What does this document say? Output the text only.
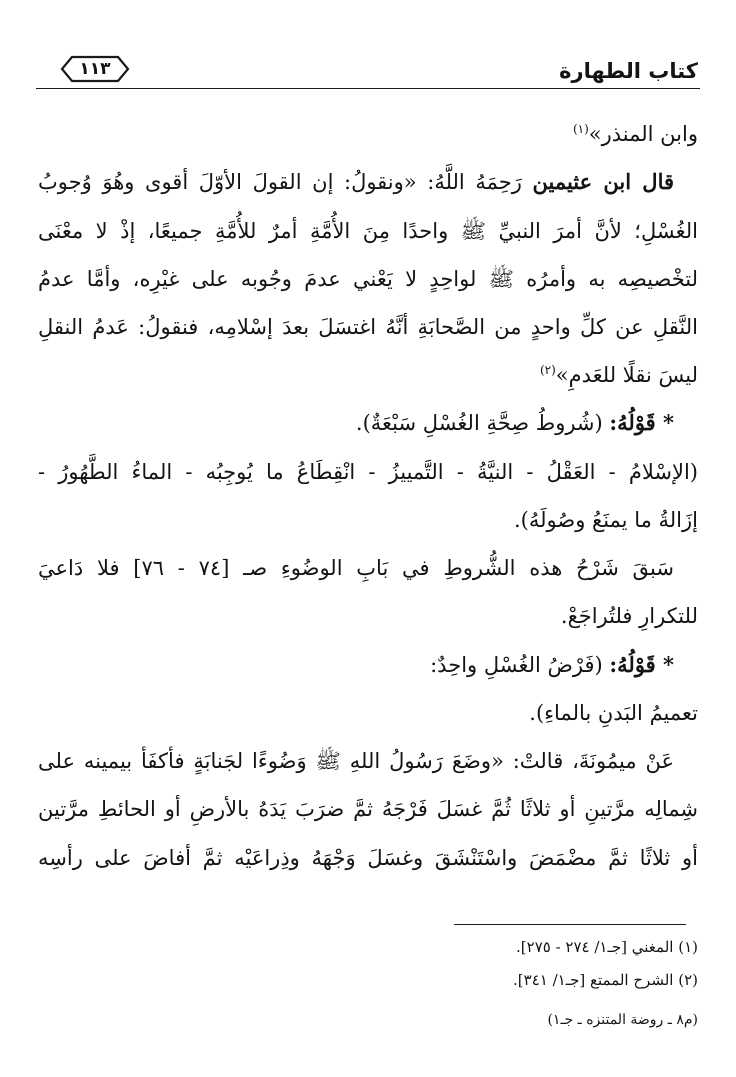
كتاب الطهارة
١١٣
وابن المنذر»$^{(١)}$
قال ابن عثيمين رَحِمَهُ اللَّهُ: «ونقولُ: إن القولَ الأوّلَ أقوى وهُوَ وُجوبُ
الغُسْلِ؛ لأنَّ أمرَ النبيِّ ﷺ واحدًا مِنَ الأُمَّةِ أمرٌ للأُمَّةِ جميعًا، إذْ لا معْنَى
لتخْصيصِه به وأمرُه ﷺ لواحِدٍ لا يَعْني عدمَ وجُوبه على غيْرِه، وأمَّا عدمُ
النَّقلِ عن كلِّ واحدٍ من الصَّحابَةِ أنَّهُ اغتسَلَ بعدَ إسْلامِه، فنقولُ: عَدمُ النقلِ
ليسَ نقلًا للعَدمِ»$^{(٢)}$
* قَوْلُهُ: (شُروطُ صِحَّةِ الغُسْلِ سَبْعَةٌ).
(الإسْلامُ - العَقْلُ - النيَّةُ - التَّمييزُ - انْقِطَاعُ ما يُوجِبُه - الماءُ الطَّهُورُ -
إزَالةُ ما يمنَعُ وصُولَهُ).
سَبقَ شَرْحُ هذه الشُّروطِ في بَابِ الوضُوءِ صـ [٧٤ - ٧٦] فلا دَاعيَ
للتكرارِ فلتُراجَعْ.
* قَوْلُهُ: (فَرْضُ الغُسْلِ واحِدٌ:
تعميمُ البَدنِ بالماءِ).
عَنْ ميمُونَةَ، قالتْ: «وضَعَ رَسُولُ اللهِ ﷺ وَضُوءًا لجَنابَةٍ فأكفَأ بيمينه على
شِمالِه مرَّتينِ أو ثلاثًا ثُمَّ غسَلَ فَرْجَهُ ثمَّ ضرَبَ يَدَهُ بالأرضِ أو الحائطِ مرَّتين
أو ثلاثًا ثمَّ مضْمَضَ واسْتَنْشَقَ وغسَلَ وَجْهَهُ وذِراعَيْه ثمَّ أفاضَ على رأسِه
(١) المغني [جـ١/ ٢٧٤ - ٢٧٥].
(٢) الشرح الممتع [جـ١/ ٣٤١].
(م٨ ـ روضة المتنزه ـ جـ١)
